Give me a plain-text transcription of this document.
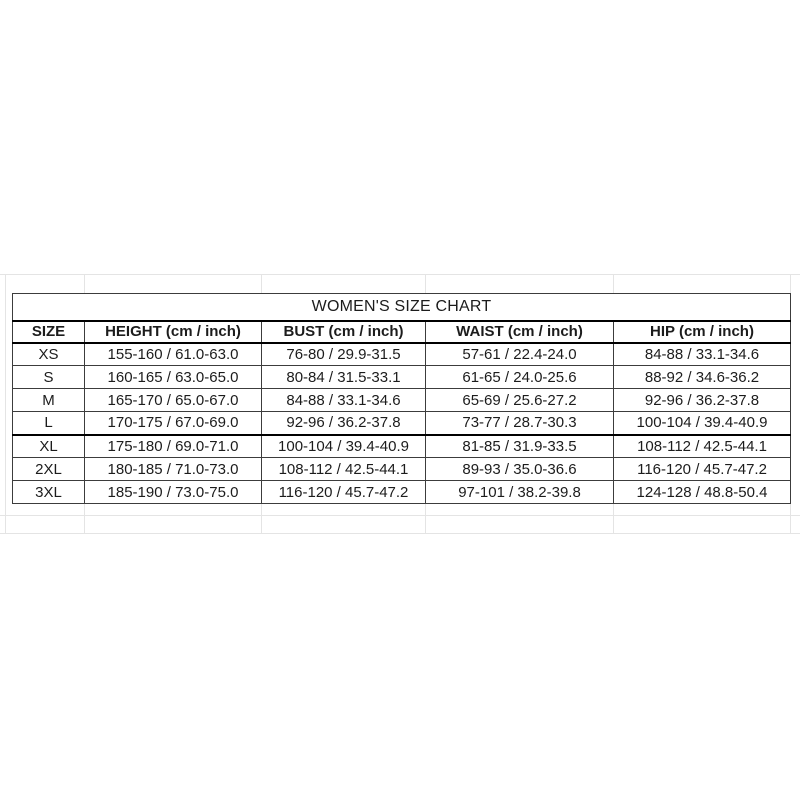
WOMEN'S SIZE CHART				
SIZE	HEIGHT (cm / inch)	BUST (cm / inch)	WAIST (cm / inch)	HIP (cm / inch)
XS	155-160 / 61.0-63.0	76-80 / 29.9-31.5	57-61 / 22.4-24.0	84-88 / 33.1-34.6
S	160-165 / 63.0-65.0	80-84 / 31.5-33.1	61-65 / 24.0-25.6	88-92 / 34.6-36.2
M	165-170 / 65.0-67.0	84-88 / 33.1-34.6	65-69 / 25.6-27.2	92-96 / 36.2-37.8
L	170-175 / 67.0-69.0	92-96 / 36.2-37.8	73-77 / 28.7-30.3	100-104 / 39.4-40.9
XL	175-180 / 69.0-71.0	100-104 / 39.4-40.9	81-85 / 31.9-33.5	108-112 / 42.5-44.1
2XL	180-185 / 71.0-73.0	108-112 / 42.5-44.1	89-93 / 35.0-36.6	116-120 / 45.7-47.2
3XL	185-190 / 73.0-75.0	116-120 / 45.7-47.2	97-101 / 38.2-39.8	124-128 / 48.8-50.4
